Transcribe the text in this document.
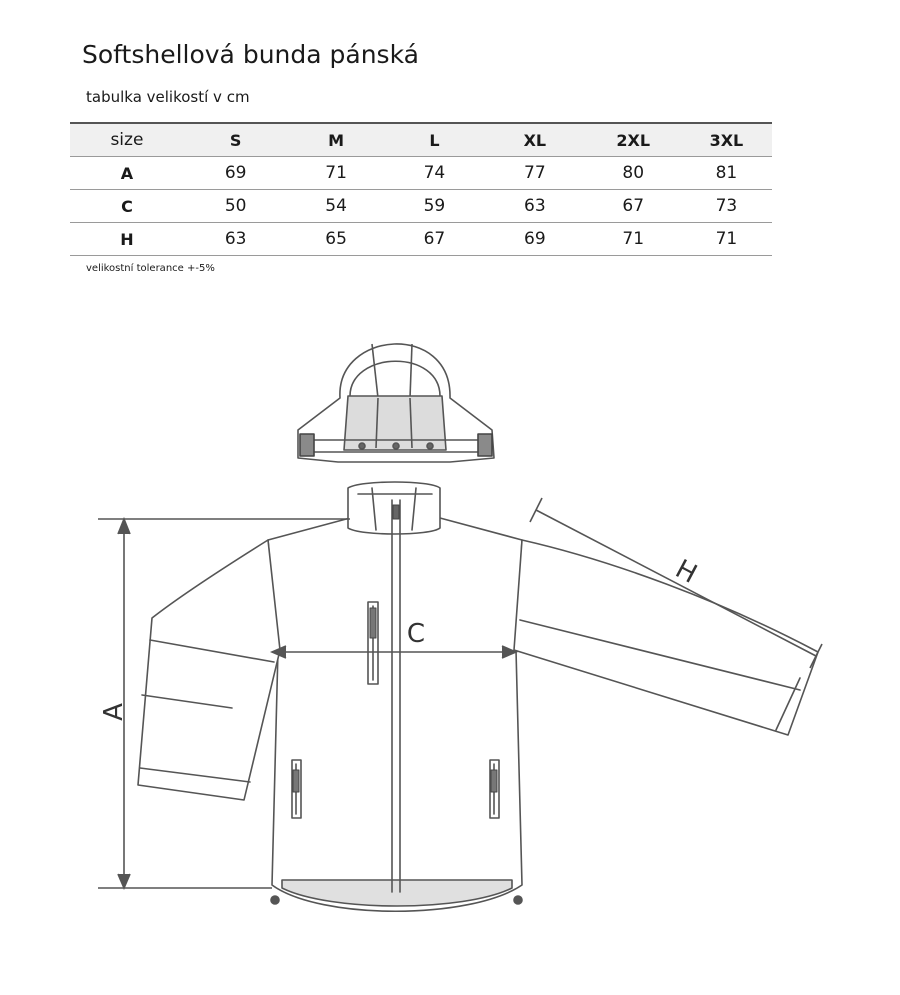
Softshellová bunda pánská
tabulka velikostí v cm
size	S	M	L	XL	2XL	3XL
A	69	71	74	77	80	81
C	50	54	59	63	67	73
H	63	65	67	69	71	71
velikostní tolerance +-5%
A
C
H
